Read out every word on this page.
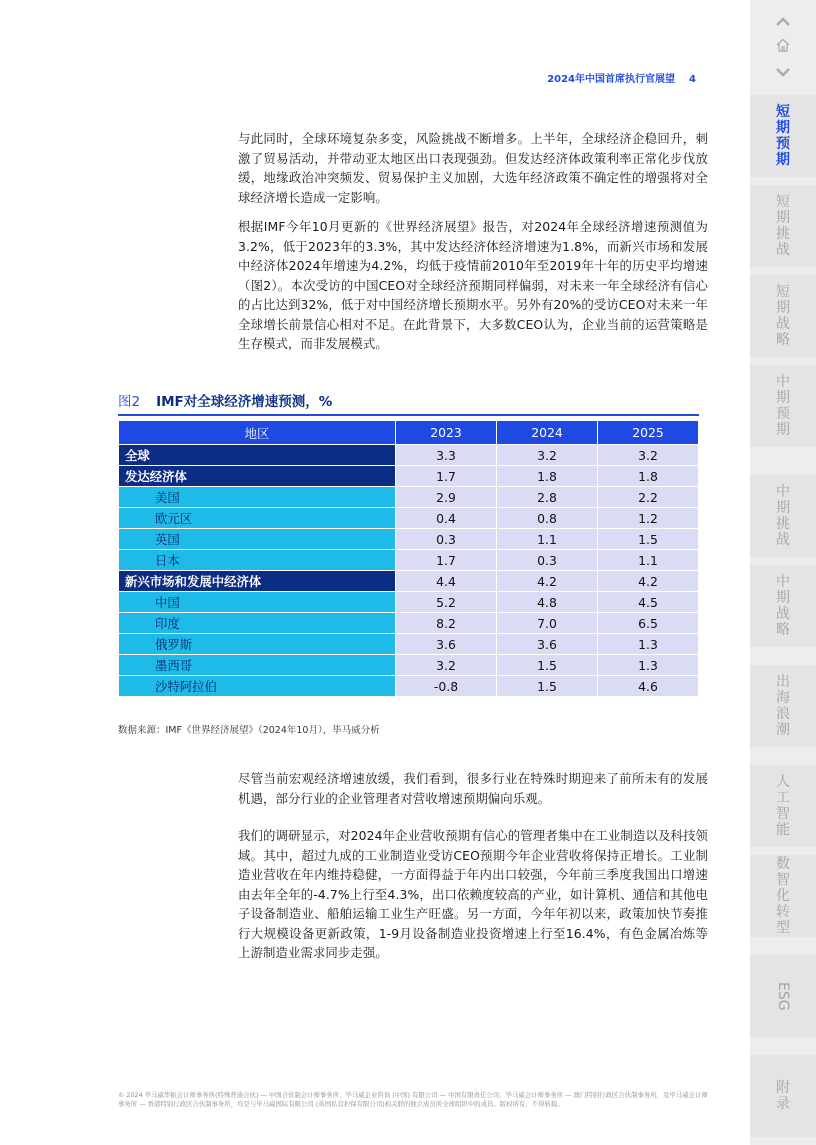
2024年中国首席执行官展望 4
与此同时，全球环境复杂多变，风险挑战不断增多。上半年，全球经济企稳回升，刺激了贸易活动，并带动亚太地区出口表现强劲。但发达经济体政策利率正常化步伐放缓，地缘政治冲突频发、贸易保护主义加剧，大选年经济政策不确定性的增强将对全球经济增长造成一定影响。
根据IMF今年10月更新的《世界经济展望》报告，对2024年全球经济增速预测值为3.2%，低于2023年的3.3%，其中发达经济体经济增速为1.8%，而新兴市场和发展中经济体2024年增速为4.2%，均低于疫情前2010年至2019年十年的历史平均增速（图2）。本次受访的中国CEO对全球经济预期同样偏弱，对未来一年全球经济有信心的占比达到32%，低于对中国经济增长预期水平。另外有20%的受访CEO对未来一年全球增长前景信心相对不足。在此背景下，大多数CEO认为，企业当前的运营策略是生存模式，而非发展模式。
图2 IMF对全球经济增速预测，%
地区	2023	2024	2025
全球	3.3	3.2	3.2
发达经济体	1.7	1.8	1.8
美国	2.9	2.8	2.2
欧元区	0.4	0.8	1.2
英国	0.3	1.1	1.5
日本	1.7	0.3	1.1
新兴市场和发展中经济体	4.4	4.2	4.2
中国	5.2	4.8	4.5
印度	8.2	7.0	6.5
俄罗斯	3.6	3.6	1.3
墨西哥	3.2	1.5	1.3
沙特阿拉伯	-0.8	1.5	4.6
数据来源：IMF《世界经济展望》（2024年10月），毕马威分析
尽管当前宏观经济增速放缓，我们看到，很多行业在特殊时期迎来了前所未有的发展机遇，部分行业的企业管理者对营收增速预期偏向乐观。
我们的调研显示，对2024年企业营收预期有信心的管理者集中在工业制造以及科技领域。其中，超过九成的工业制造业受访CEO预期今年企业营收将保持正增长。工业制造业营收在年内维持稳健，一方面得益于年内出口较强，今年前三季度我国出口增速由去年全年的-4.7%上行至4.3%，出口依赖度较高的产业，如计算机、通信和其他电子设备制造业、船舶运输工业生产旺盛。另一方面，今年年初以来，政策加快节奏推行大规模设备更新政策，1-9月设备制造业投资增速上行至16.4%，有色金属冶炼等上游制造业需求同步走强。
© 2024 毕马威华振会计师事务所(特殊普通合伙) — 中国合伙制会计师事务所，毕马威企业咨询 (中国) 有限公司 — 中国有限责任公司，毕马威会计师事务所 — 澳门特别行政区合伙制事务所，及毕马威会计师事务所 — 香港特别行政区合伙制事务所，均是与毕马威国际有限公司 (英国私营担保有限公司)相关联的独立成员所全球组织中的成员。版权所有，不得转载。
短期预期
短期挑战
短期战略
中期预期
中期挑战
中期战略
出海浪潮
人工智能
数智化转型
ESG
附录
